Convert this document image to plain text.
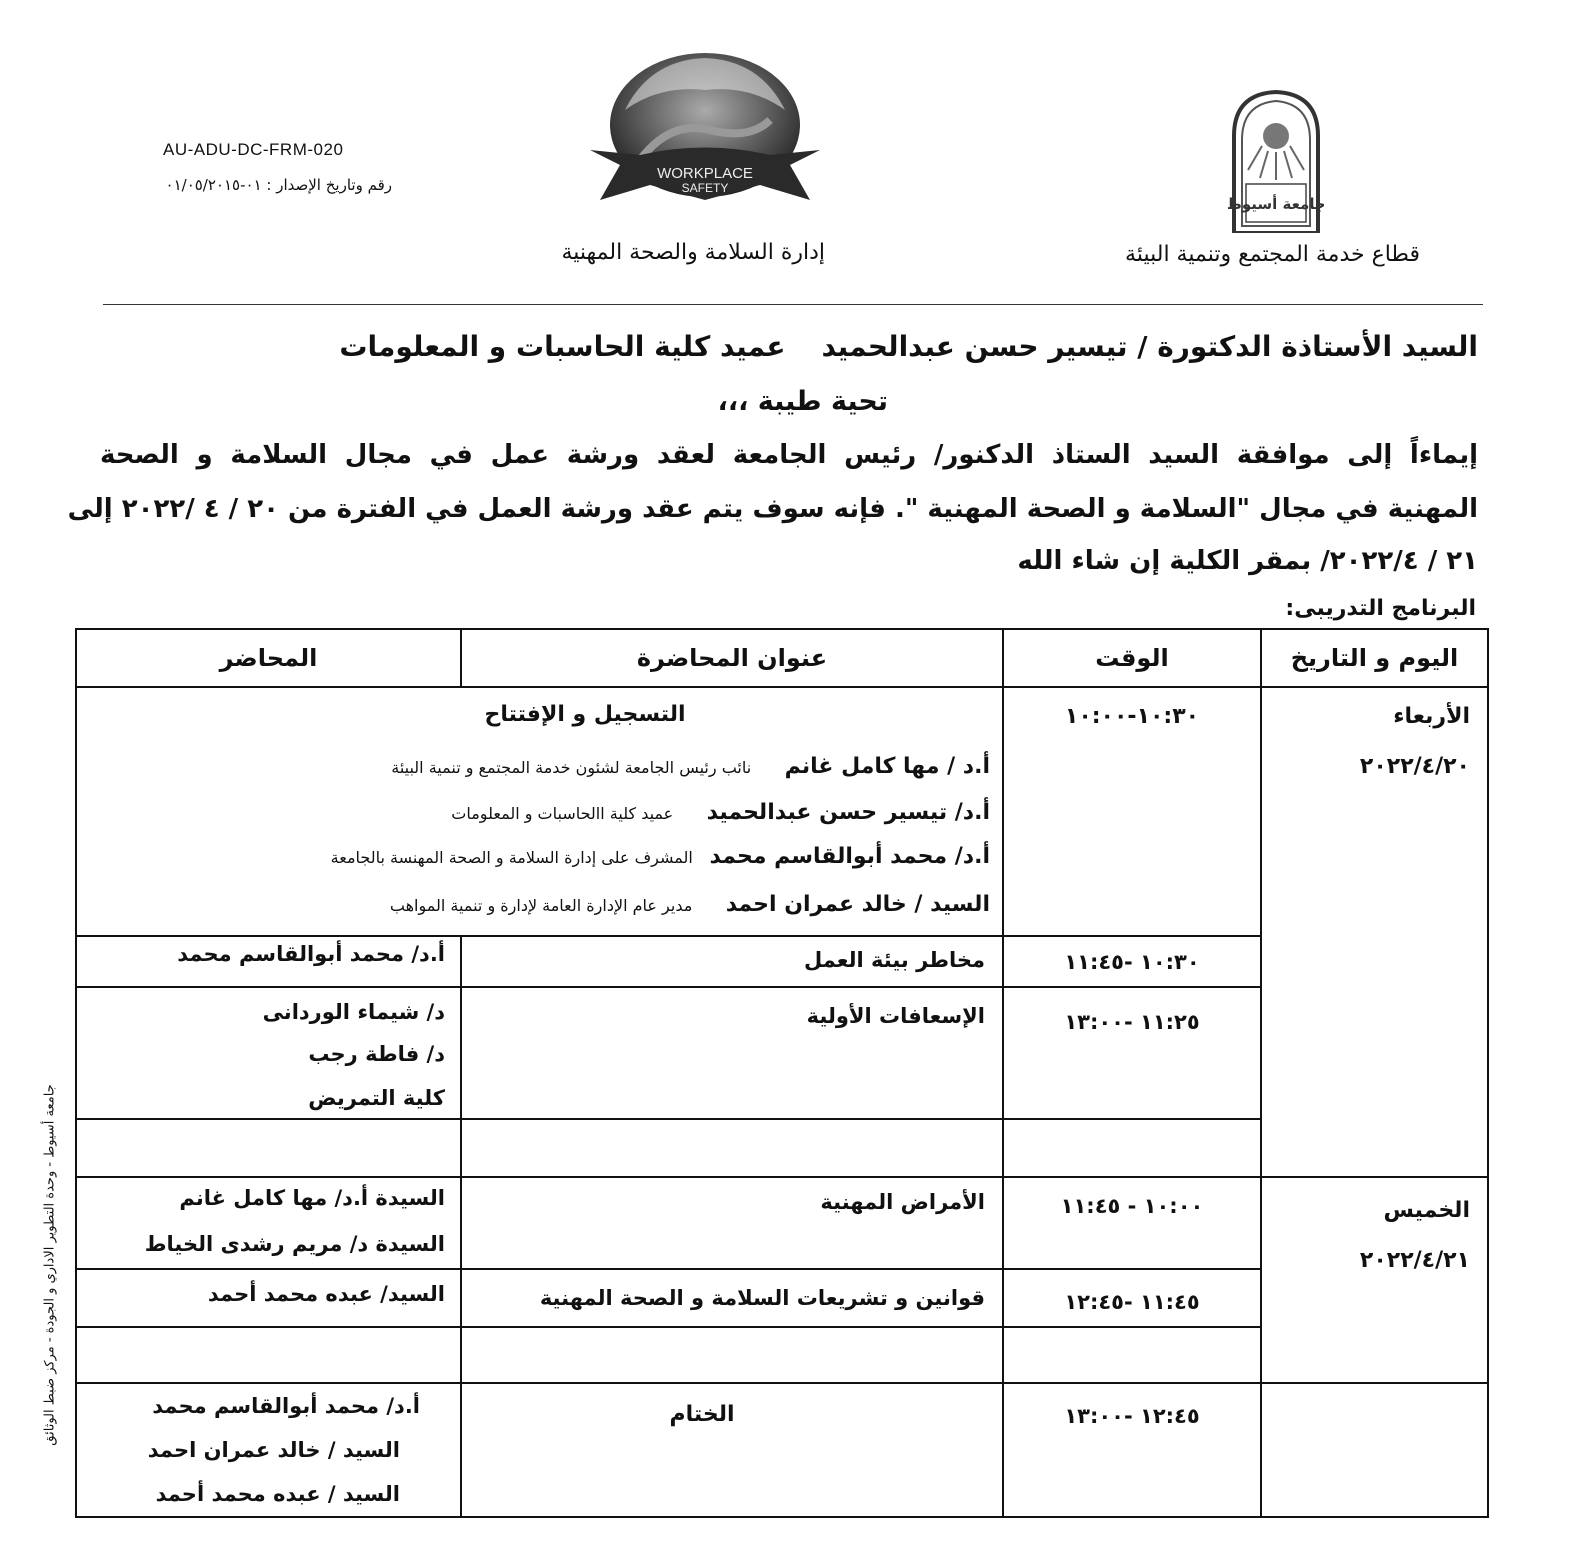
جامعة أسيوط
WORKPLACE
SAFETY
AU-ADU-DC-FRM-020
رقم وتاريخ الإصدار : ٠١-٠١/٠٥/٢٠١٥
قطاع خدمة المجتمع وتنمية البيئة
إدارة السلامة والصحة المهنية
السيد الأستاذة الدكتورة / تيسير حسن عبدالحميدعميد كلية الحاسبات و المعلومات
تحية طيبة ،،،
إيماءاً إلى موافقة السيد الستاذ الدكنور/ رئيس الجامعة لعقد ورشة عمل في مجال السلامة و الصحة
المهنية في مجال "السلامة و الصحة المهنية ". فإنه سوف يتم عقد ورشة العمل في الفترة من ٢٠ / ٤ /٢٠٢٢ إلى
٢١ / ٢٠٢٢/٤/ بمقر الكلية إن شاء الله
البرنامج التدريبى:
جامعة أسيوط - وحدة التطوير الاداري و الجودة - مركز ضبط الوثائق
اليوم و التاريخ
الوقت
عنوان المحاضرة
المحاضر
الأربعاء
٢٠٢٢/٤/٢٠
الخميس
٢٠٢٢/٤/٢١
١٠:٣٠-١٠:٠٠
التسجيل و الإفتتاح
أ.د / مها كامل غانم      نائب رئيس الجامعة لشئون خدمة المجتمع و تنمية البيئة
أ.د/ تيسير حسن عبدالحميد      عميد كلية االحاسبات و المعلومات
أ.د/ محمد أبوالقاسم محمد   المشرف على إدارة السلامة و الصحة المهنسة بالجامعة
السيد / خالد عمران احمد      مدير عام الإدارة العامة لإدارة و تنمية المواهب
١٠:٣٠ -١١:٤٥
مخاطر بيئة العمل
أ.د/ محمد أبوالقاسم محمد
١١:٢٥ -١٣:٠٠
الإسعافات الأولية
د/ شيماء الوردانى
د/ فاطة رجب
كلية التمريض
١٠:٠٠ - ١١:٤٥
الأمراض المهنية
السيدة أ.د/ مها كامل غانم
السيدة د/ مريم رشدى الخياط
١١:٤٥ -١٢:٤٥
قوانين و تشريعات السلامة و الصحة المهنية
السيد/ عبده محمد أحمد
١٢:٤٥ -١٣:٠٠
الختام
أ.د/ محمد أبوالقاسم محمد
السيد / خالد عمران احمد
السيد / عبده محمد أحمد
